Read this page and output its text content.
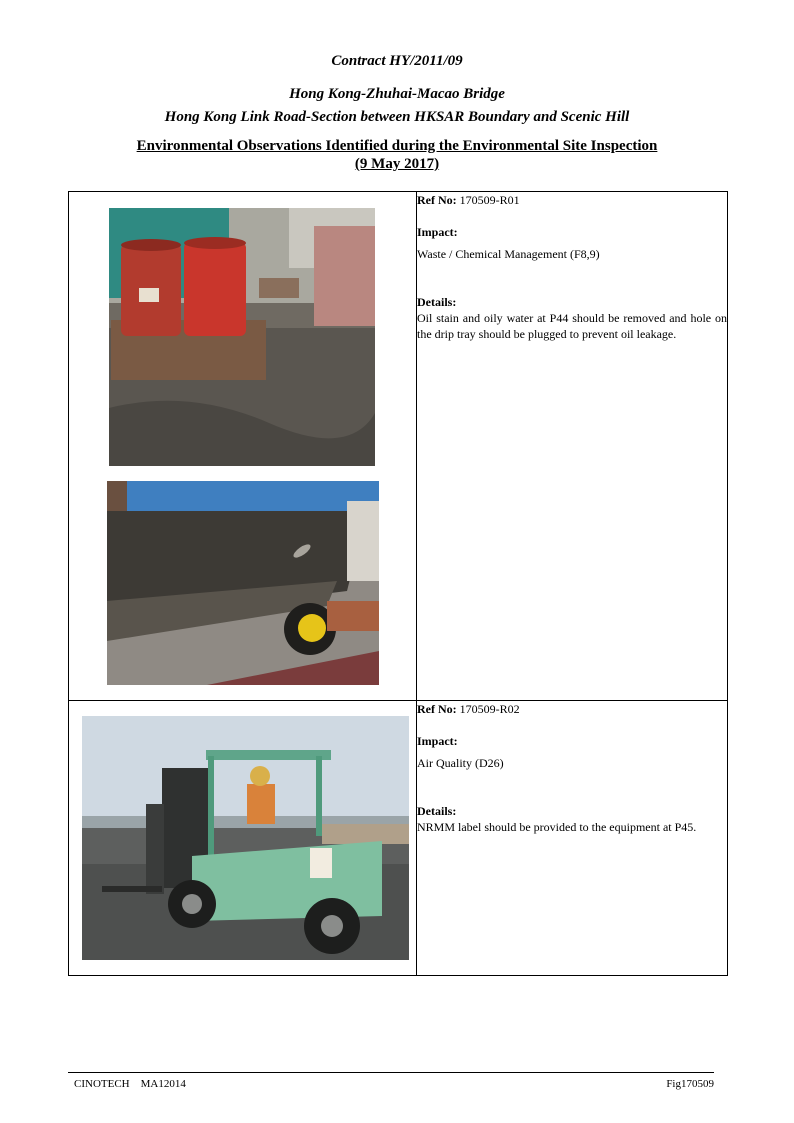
Contract HY/2011/09

Hong Kong-Zhuhai-Macao Bridge

Hong Kong Link Road-Section between HKSAR Boundary and Scenic Hill

Environmental Observations Identified during the Environmental Site Inspection

(9 May 2017)

Ref No: 170509-R01

Impact:

Waste / Chemical Management (F8,9)

Details:

Oil stain and oily water at P44 should be removed and hole on the drip tray should be plugged to prevent oil leakage.

Ref No: 170509-R02

Impact:

Air Quality (D26)

Details:

NRMM label should be provided to the equipment at P45.

CINOTECH    MA12014	Fig170509
